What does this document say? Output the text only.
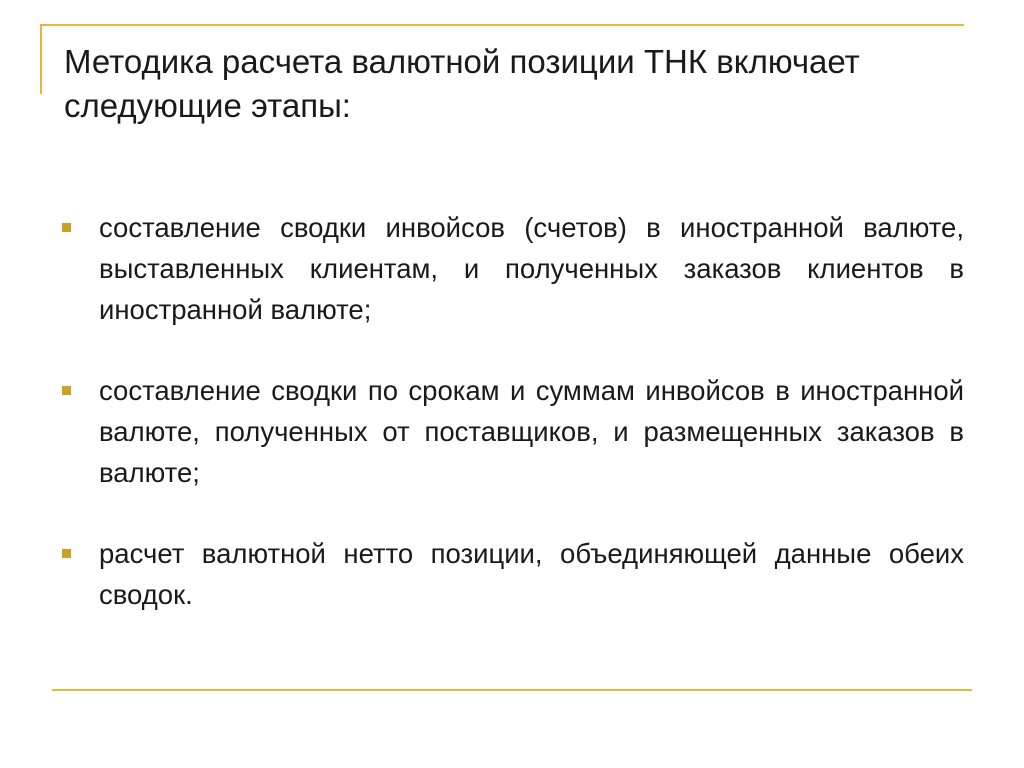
Методика расчета валютной позиции ТНК включает следующие этапы:
составление сводки инвойсов (счетов) в иностранной валюте, выставленных клиентам, и полученных заказов клиентов в иностранной валюте;
составление сводки по срокам и суммам инвойсов в иностранной валюте, полученных от поставщиков, и размещенных заказов в валюте;
расчет валютной нетто позиции, объединяющей данные обеих сводок.
